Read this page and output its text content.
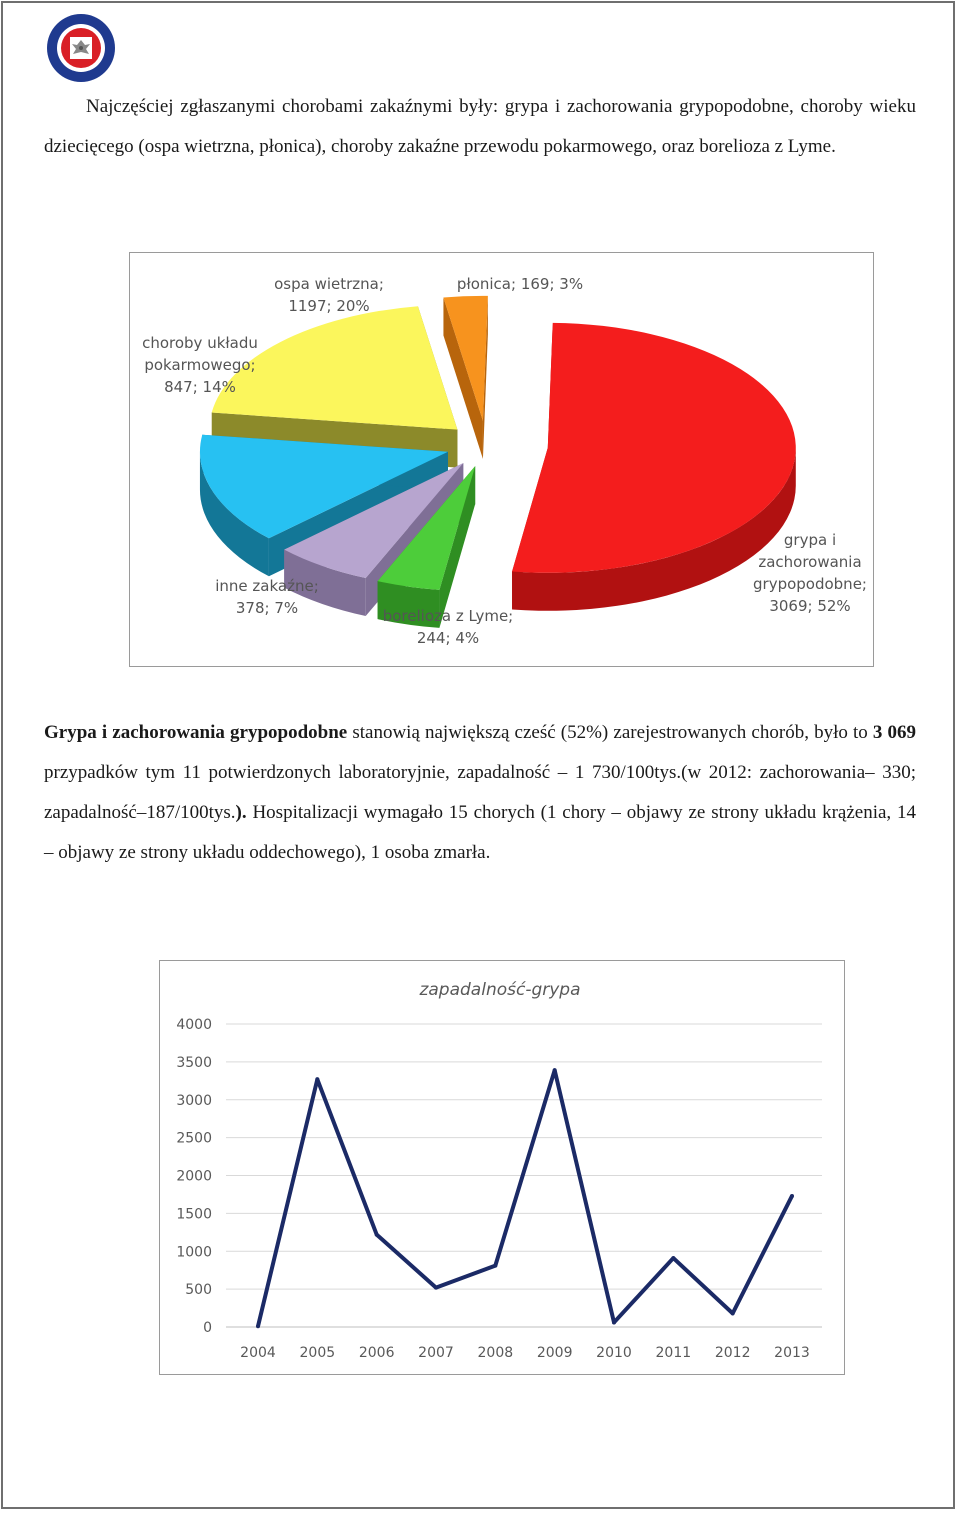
Najczęściej zgłaszanymi chorobami zakaźnymi były: grypa i zachorowania grypopodobne, choroby wieku dziecięcego (ospa wietrzna, płonica), choroby zakaźne przewodu pokarmowego, oraz borelioza z Lyme.

grypa i zachorowania grypopodobne; 3069; 52%
borelioza z Lyme; 244; 4%
inne zakaźne; 378; 7%
choroby układu pokarmowego; 847; 14%
ospa wietrzna; 1197; 20%
płonica; 169; 3%

Grypa i zachorowania grypopodobne stanowią największą cześć (52%) zarejestrowanych chorób, było to 3 069 przypadków tym 11 potwierdzonych laboratoryjnie, zapadalność – 1 730/100tys.(w 2012: zachorowania– 330; zapadalność–187/100tys.). Hospitalizacji wymagało 15 chorych (1 chory – objawy ze strony układu krążenia, 14 – objawy ze strony układu oddechowego), 1 osoba zmarła.

zapadalność-grypa
0
500
1000
1500
2000
2500
3000
3500
4000
2004 2005 2006 2007 2008 2009 2010 2011 2012 2013
